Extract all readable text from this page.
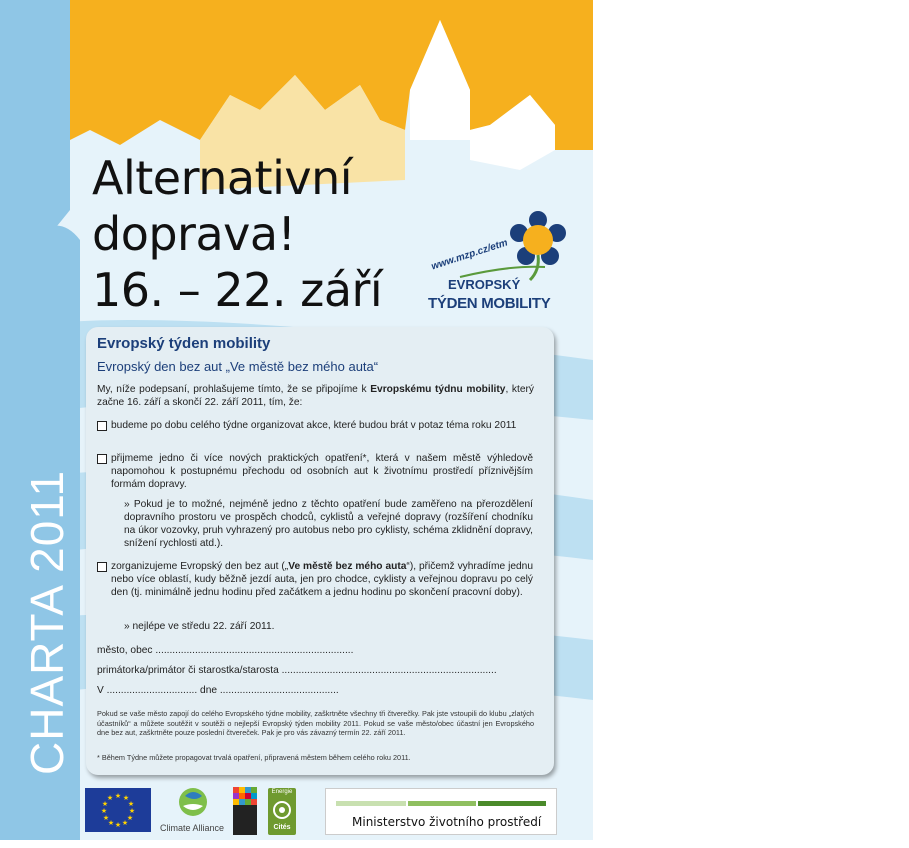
Alternativní
doprava!
16. – 22. září
www.mzp.cz/etm
EVROPSKÝ
TÝDEN MOBILITY
CHARTA 2011
Evropský týden mobility
Evropský den bez aut „Ve městě bez mého auta“
My, níže podepsaní, prohlašujeme tímto, že se připojíme k Evropskému týdnu mobility, který začne 16. září a skončí 22. září 2011, tím, že:
budeme po dobu celého týdne organizovat akce, které budou brát v potaz téma roku 2011
přijmeme jedno či více nových praktických opatření*, která v našem městě výhledově napomohou k postupnému přechodu od osobních aut k životnímu prostředí příznivějším formám dopravy.
» Pokud je to možné, nejméně jedno z těchto opatření bude zaměřeno na přerozdělení dopravního prostoru ve prospěch chodců, cyklistů a veřejné dopravy (rozšíření chodníku na úkor vozovky, pruh vyhrazený pro autobus nebo pro cyklisty, schéma zklidnění dopravy, snížení rychlosti atd.).
zorganizujeme Evropský den bez aut („Ve městě bez mého auta“), přičemž vyhradíme jednu nebo více oblastí, kudy běžně jezdí auta, jen pro chodce, cyklisty a veřejnou dopravu po celý den (tj. minimálně jednu hodinu před začátkem a jednu hodinu po skončení pracovní doby).
» nejlépe ve středu 22. září 2011.
město, obec ......................................................................
primátorka/primátor či starostka/starosta ............................................................................
V ................................ dne ..........................................
Pokud se vaše město zapojí do celého Evropského týdne mobility, zaškrtněte všechny tři čtverečky. Pak jste vstoupili do klubu „zlatých účastníků“ a můžete soutěžit v soutěži o nejlepší Evropský týden mobility 2011. Pokud se vaše město/obec účastní jen Evropského dne bez aut, zaškrtněte pouze poslední čtvereček. Pak je pro vás závazný termín 22. září 2011.
* Během Týdne můžete propagovat trvalá opatření, připravená městem během celého roku 2011.
★ ★
★
★
★
★
★
★
★
★
★
★
Climate Alliance
Energie
Cités	Ministerstvo životního prostředí
